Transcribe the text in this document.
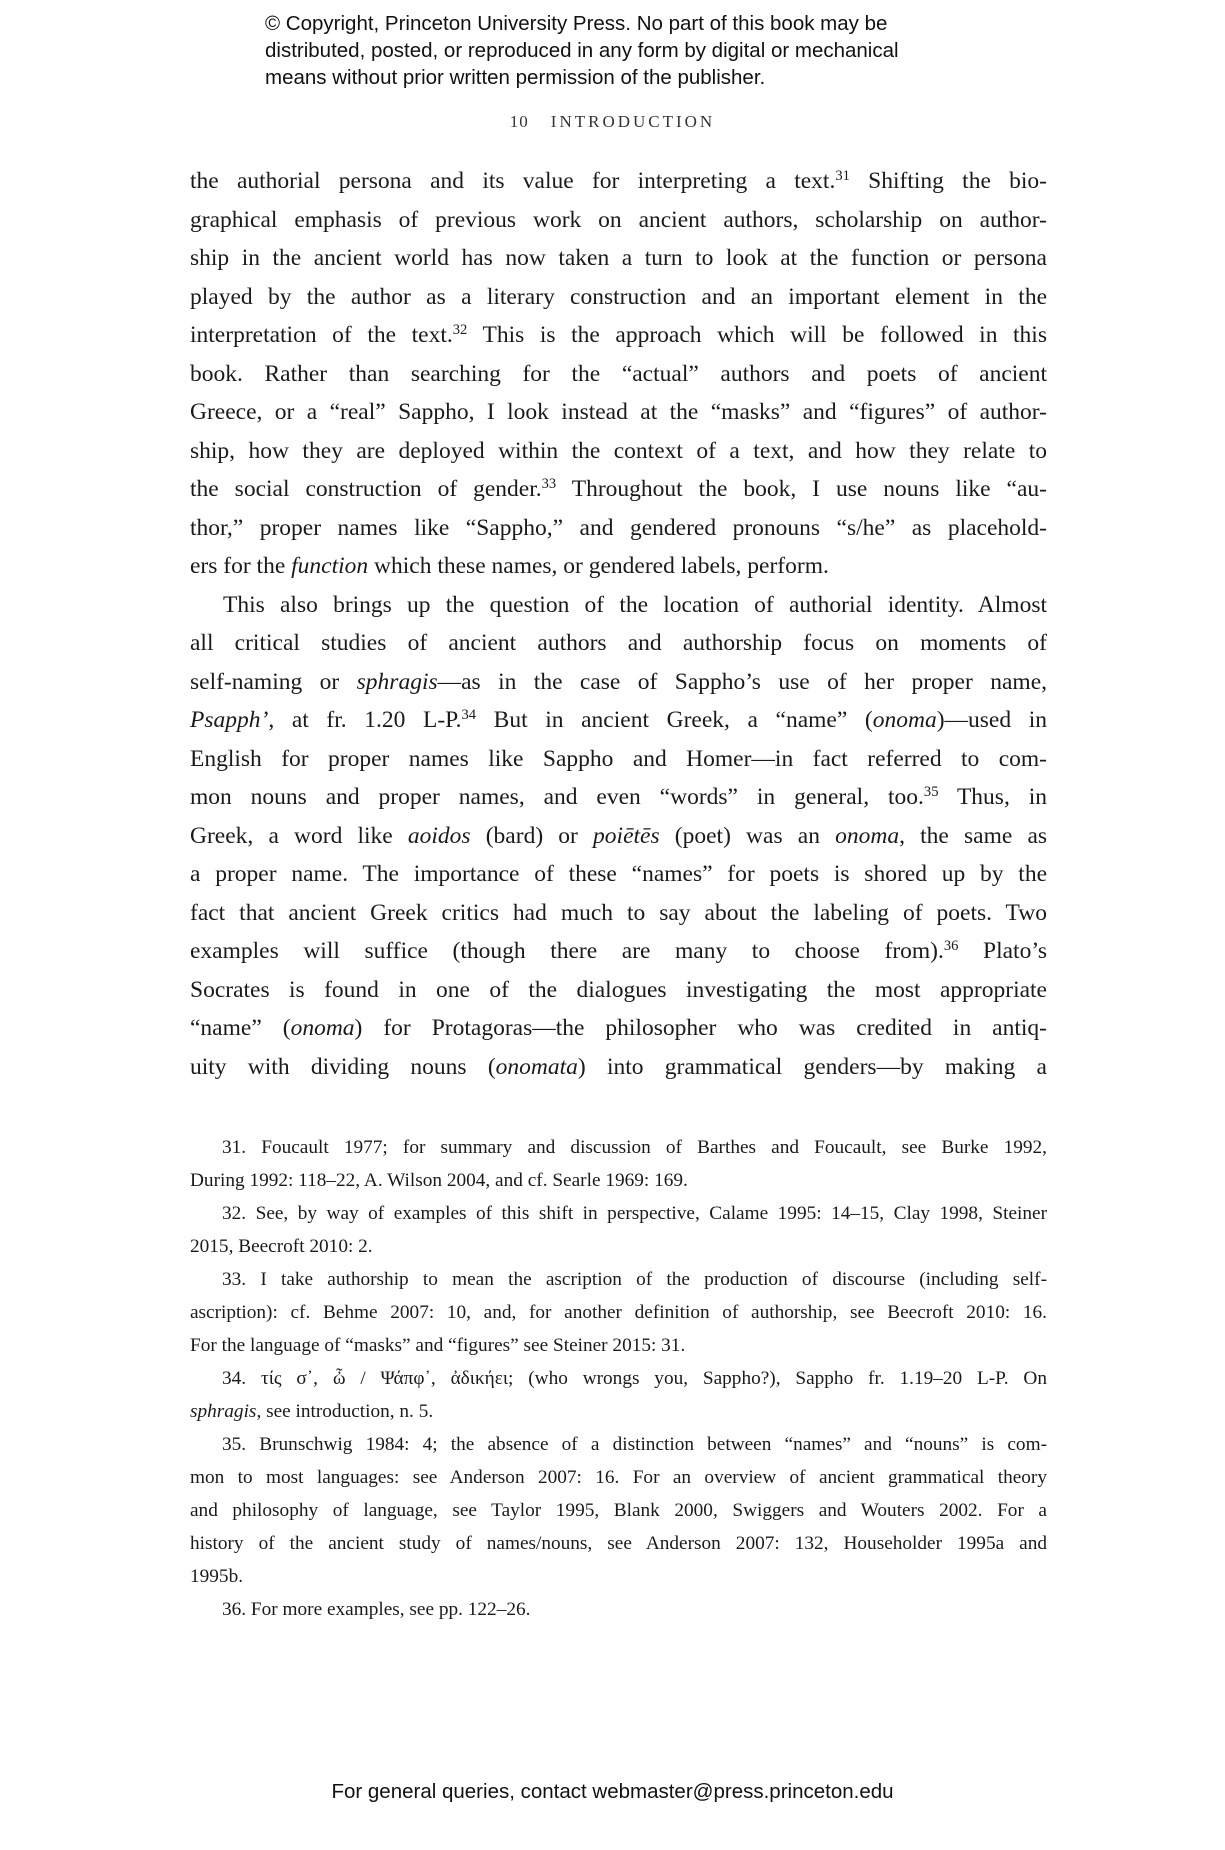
© Copyright, Princeton University Press. No part of this book may be
distributed, posted, or reproduced in any form by digital or mechanical
means without prior written permission of the publisher.
10 INTRODUCTION
the authorial persona and its value for interpreting a text.$^{31}$ Shifting the bio-
graphical emphasis of previous work on ancient authors, scholarship on author-
ship in the ancient world has now taken a turn to look at the function or persona
played by the author as a literary construction and an important element in the
interpretation of the text.$^{32}$ This is the approach which will be followed in this
book. Rather than searching for the “actual” authors and poets of ancient
Greece, or a “real” Sappho, I look instead at the “masks” and “figures” of author-
ship, how they are deployed within the context of a text, and how they relate to
the social construction of gender.$^{33}$ Throughout the book, I use nouns like “au-
thor,” proper names like “Sappho,” and gendered pronouns “s/he” as placehold-
ers for the function which these names, or gendered labels, perform.
This also brings up the question of the location of authorial identity. Almost
all critical studies of ancient authors and authorship focus on moments of
self-naming or sphragis—as in the case of Sappho’s use of her proper name,
Psapph’, at fr. 1.20 L-P.$^{34}$ But in ancient Greek, a “name” (onoma)—used in
English for proper names like Sappho and Homer—in fact referred to com-
mon nouns and proper names, and even “words” in general, too.$^{35}$ Thus, in
Greek, a word like aoidos (bard) or poiētēs (poet) was an onoma, the same as
a proper name. The importance of these “names” for poets is shored up by the
fact that ancient Greek critics had much to say about the labeling of poets. Two
examples will suffice (though there are many to choose from).$^{36}$ Plato’s
Socrates is found in one of the dialogues investigating the most appropriate
“name” (onoma) for Protagoras—the philosopher who was credited in antiq-
uity with dividing nouns (onomata) into grammatical genders—by making a
31. Foucault 1977; for summary and discussion of Barthes and Foucault, see Burke 1992,
During 1992: 118–22, A. Wilson 2004, and cf. Searle 1969: 169.
32. See, by way of examples of this shift in perspective, Calame 1995: 14–15, Clay 1998, Steiner
2015, Beecroft 2010: 2.
33. I take authorship to mean the ascription of the production of discourse (including self-
ascription): cf. Behme 2007: 10, and, for another definition of authorship, see Beecroft 2010: 16.
For the language of “masks” and “figures” see Steiner 2015: 31.
34. τίς σ᾽, ὦ / Ψάπφ᾽, ἀδικήει; (who wrongs you, Sappho?), Sappho fr. 1.19–20 L-P. On
sphragis, see introduction, n. 5.
35. Brunschwig 1984: 4; the absence of a distinction between “names” and “nouns” is com-
mon to most languages: see Anderson 2007: 16. For an overview of ancient grammatical theory
and philosophy of language, see Taylor 1995, Blank 2000, Swiggers and Wouters 2002. For a
history of the ancient study of names/nouns, see Anderson 2007: 132, Householder 1995a and
1995b.
36. For more examples, see pp. 122–26.
For general queries, contact webmaster@press.princeton.edu
